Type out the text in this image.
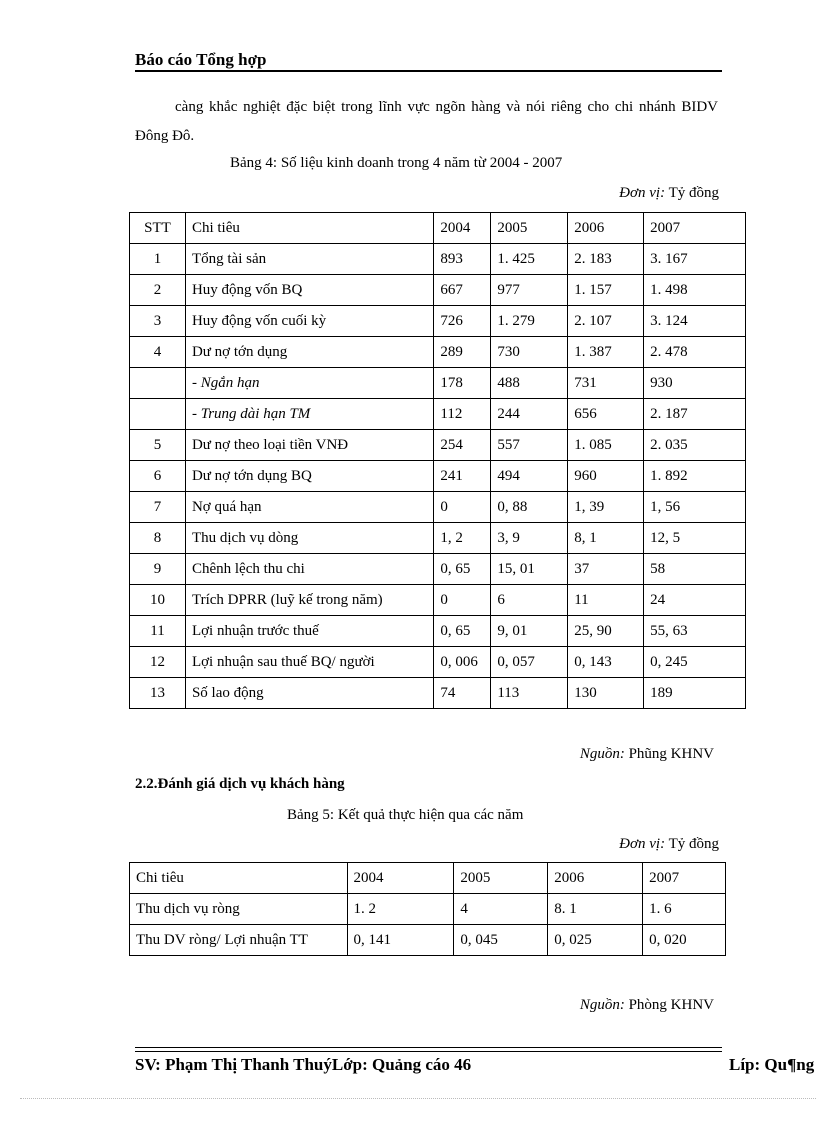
Báo cáo Tổng hợp
càng khắc nghiệt đặc biệt trong lĩnh vực ngõn hàng và nói riêng cho chi nhánh BIDV Đông Đô.
Bảng 4: Số liệu kinh doanh trong 4 năm từ 2004 - 2007
Đơn vị: Tỷ đồng
STT	Chi tiêu	2004	2005	2006	2007
1	Tổng tài sản	893	1. 425	2. 183	3. 167
2	Huy động vốn BQ	667	977	1. 157	1. 498
3	Huy động vốn cuối kỳ	726	1. 279	2. 107	3. 124
4	Dư nợ tớn dụng	289	730	1. 387	2. 478
	- Ngắn hạn	178	488	731	930
	- Trung dài hạn TM	112	244	656	2. 187
5	Dư nợ theo loại tiền VNĐ	254	557	1. 085	2. 035
6	Dư nợ tớn dụng BQ	241	494	960	1. 892
7	Nợ quá hạn	0	0, 88	1, 39	1, 56
8	Thu dịch vụ dòng	1, 2	3, 9	8, 1	12, 5
9	Chênh lệch thu chi	0, 65	15, 01	37	58
10	Trích DPRR (luỹ kế trong năm)	0	6	11	24
11	Lợi nhuận trước thuế	0, 65	9, 01	25, 90	55, 63
12	Lợi nhuận sau thuế BQ/ người	0, 006	0, 057	0, 143	0, 245
13	Số lao động	74	113	130	189
Nguồn: Phũng KHNV
2.2.Đánh giá dịch vụ khách hàng
Bảng 5: Kết quả thực hiện qua các năm
Đơn vị: Tỷ đồng
Chi tiêu	2004	2005	2006	2007
Thu dịch vụ ròng	1. 2	4	8. 1	1. 6
Thu DV ròng/ Lợi nhuận TT	0, 141	0, 045	0, 025	0, 020
Nguồn: Phòng KHNV
SV: Phạm Thị Thanh ThuýLớp: Quảng cáo 46	Líp: Qu¶ng
